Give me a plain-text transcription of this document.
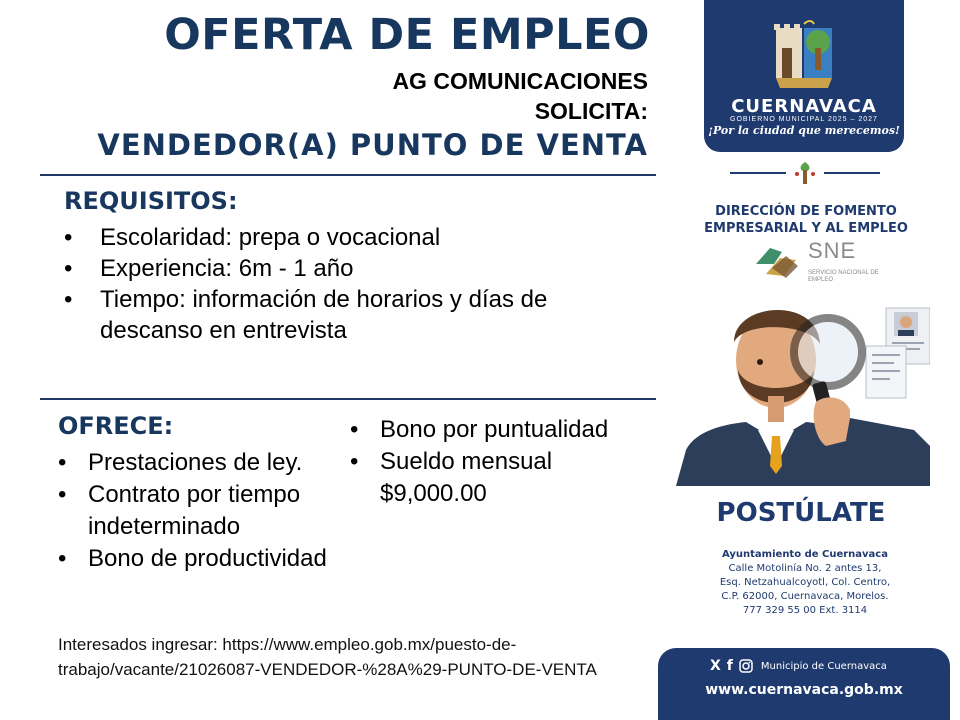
OFERTA DE EMPLEO
AG COMUNICACIONES
SOLICITA:
VENDEDOR(A) PUNTO DE VENTA
REQUISITOS:
• Escolaridad: prepa o vocacional
• Experiencia: 6m - 1 año
• Tiempo: información de horarios y días de descanso en entrevista
OFRECE:
• Prestaciones de ley.
• Contrato por tiempo indeterminado
• Bono de productividad
• Bono por puntualidad
• Sueldo mensual $9,000.00
Interesados ingresar: https://www.empleo.gob.mx/puesto-de-trabajo/vacante/21026087-VENDEDOR-%28A%29-PUNTO-DE-VENTA
CUERNAVACA
GOBIERNO MUNICIPAL 2025 – 2027
¡Por la ciudad que merecemos!
DIRECCIÓN DE FOMENTO
EMPRESARIAL Y AL EMPLEO
SNE
SERVICIO NACIONAL DE EMPLEO
POSTÚLATE
Ayuntamiento de Cuernavaca
Calle Motolinía No. 2 antes 13,
Esq. Netzahualcoyotl, Col. Centro,
C.P. 62000, Cuernavaca, Morelos.
777 329 55 00 Ext. 3114
X f	Municipio de Cuernavaca
www.cuernavaca.gob.mx
